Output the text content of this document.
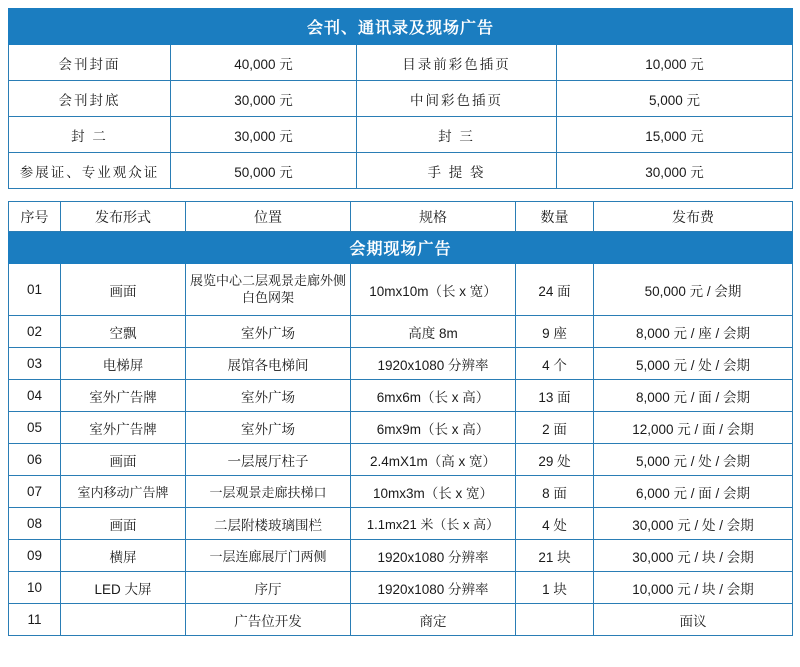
会刊、通讯录及现场广告			
会刊封面	40,000 元	目录前彩色插页	10,000 元
会刊封底	30,000 元	中间彩色插页	5,000 元
封 二	30,000 元	封 三	15,000 元
参展证、专业观众证	50,000 元	手 提 袋	30,000 元
会期现场广告					
序号	发布形式	位置	规格	数量	发布费
01	画面	展览中心二层观景走廊外侧白色网架	10mx10m（长 x 宽）	24 面	50,000 元 / 会期
02	空飘	室外广场	高度 8m	9 座	8,000 元 / 座 / 会期
03	电梯屏	展馆各电梯间	1920x1080 分辨率	4 个	5,000 元 / 处 / 会期
04	室外广告牌	室外广场	6mx6m（长 x 高）	13 面	8,000 元 / 面 / 会期
05	室外广告牌	室外广场	6mx9m（长 x 高）	2 面	12,000 元 / 面 / 会期
06	画面	一层展厅柱子	2.4mX1m（高 x 宽）	29 处	5,000 元 / 处 / 会期
07	室内移动广告牌	一层观景走廊扶梯口	10mx3m（长 x 宽）	8 面	6,000 元 / 面 / 会期
08	画面	二层附楼玻璃围栏	1.1mx21 米（长 x 高）	4 处	30,000 元 / 处 / 会期
09	横屏	一层连廊展厅门两侧	1920x1080 分辨率	21 块	30,000 元 / 块 / 会期
10	LED 大屏	序厅	1920x1080 分辨率	1 块	10,000 元 / 块 / 会期
11		广告位开发	商定		面议
